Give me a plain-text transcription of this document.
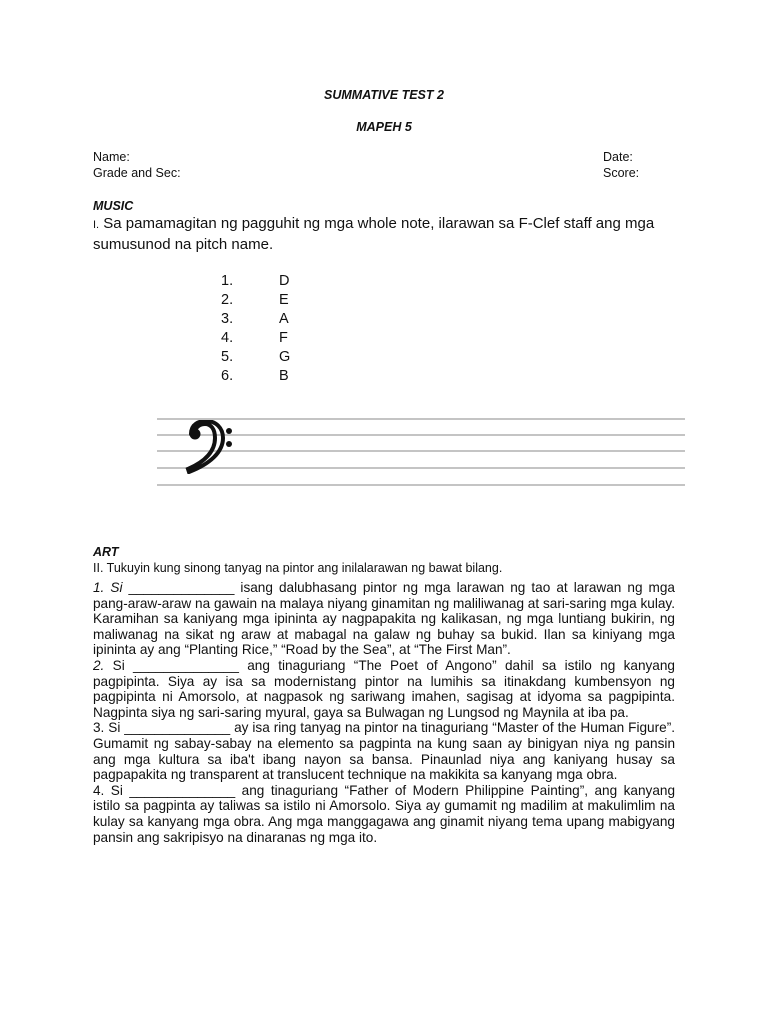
SUMMATIVE TEST 2
MAPEH 5
Name:
Grade and Sec:
Date:
Score:
MUSIC
I. Sa pamamagitan ng pagguhit ng mga whole note, ilarawan sa F-Clef staff ang mga
sumusunod na pitch name.
1.	D
2.	E
3.	A
4.	F
5.	G
6.	B
ART
II. Tukuyin kung sinong tanyag na pintor ang inilalarawan ng bawat bilang.

1. Si ______________ isang dalubhasang pintor ng mga larawan ng tao at larawan ng mga pang-araw-araw na gawain na malaya niyang ginamitan ng maliliwanag at sari-saring mga kulay. Karamihan sa kaniyang mga ipininta ay nagpapakita ng kalikasan, ng mga luntiang bukirin, ng maliwanag na sikat ng araw at mabagal na galaw ng buhay sa bukid. Ilan sa kiniyang mga ipininta ay ang “Planting Rice,” “Road by the Sea”, at “The First Man”.

2. Si ______________ ang tinaguriang “The Poet of Angono” dahil sa istilo ng kanyang pagpipinta. Siya ay isa sa modernistang pintor na lumihis sa itinakdang kumbensyon ng pagpipinta ni Amorsolo, at nagpasok ng sariwang imahen, sagisag at idyoma sa pagpipinta. Nagpinta siya ng sari-saring myural, gaya sa Bulwagan ng Lungsod ng Maynila at iba pa.

3. Si ______________ ay isa ring tanyag na pintor na tinaguriang “Master of the Human Figure”. Gumamit ng sabay-sabay na elemento sa pagpinta na kung saan ay binigyan niya ng pansin ang mga kultura sa iba't ibang nayon sa bansa. Pinaunlad niya ang kaniyang husay sa pagpapakita ng transparent at translucent technique na makikita sa kanyang mga obra.

4. Si ______________ ang tinaguriang “Father of Modern Philippine Painting”, ang kanyang istilo sa pagpinta ay taliwas sa istilo ni Amorsolo. Siya ay gumamit ng madilim at makulimlim na kulay sa kanyang mga obra. Ang mga manggagawa ang ginamit niyang tema upang mabigyang pansin ang sakripisyo na dinaranas ng mga ito.
